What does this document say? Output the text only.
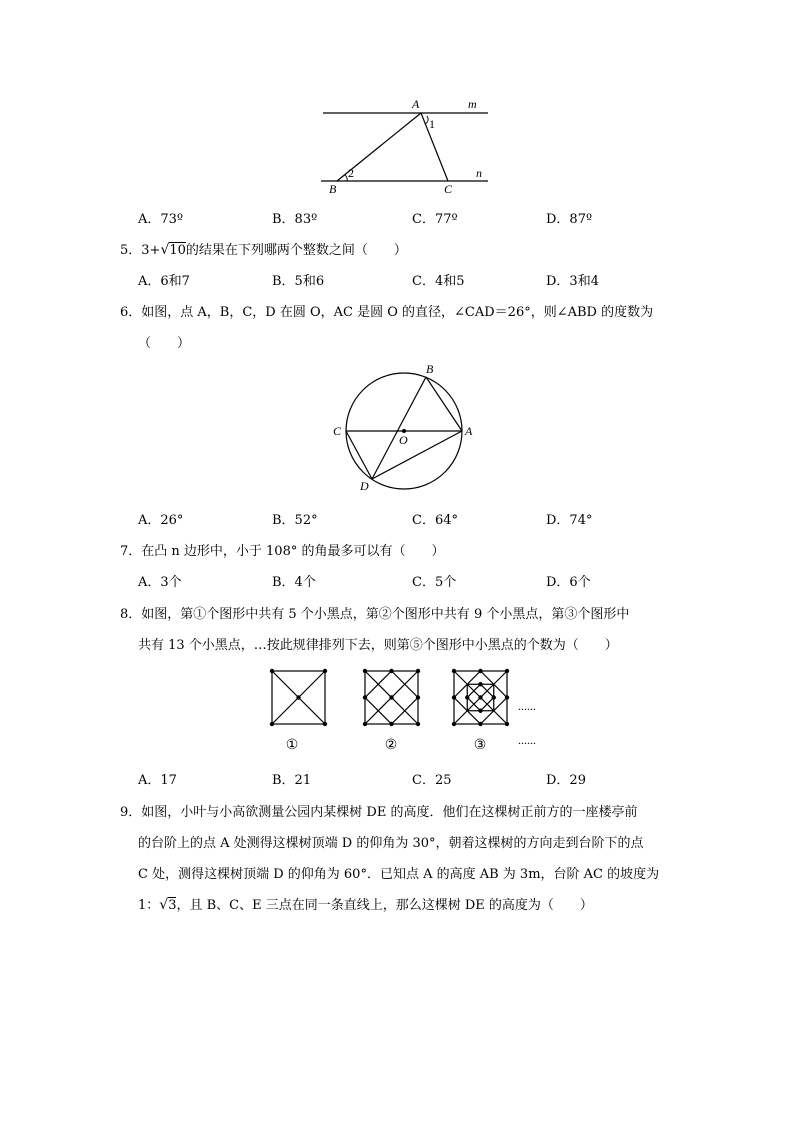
A	m
1
2	n
B	C
A．73º	B．83º	C．77º	D．87º
5．3+√10的结果在下列哪两个整数之间（　　）
A．6和7	B．5和6	C．4和5	D．3和4
6．如图，点 A，B，C，D 在圆 O，AC 是圆 O 的直径，∠CAD＝26°，则∠ABD 的度数为
（　　）
B
C
O
A
D
A．26°	B．52°	C．64°	D．74°
7．在凸 n 边形中，小于 108° 的角最多可以有（　　）
A．3个	B．4个	C．5个	D．6个
8．如图，第①个图形中共有 5 个小黑点，第②个图形中共有 9 个小黑点，第③个图形中
共有 13 个小黑点，…按此规律排列下去，则第⑤个图形中小黑点的个数为（　　）
......
......
①	②	③
A．17	B．21	C．25	D．29
9．如图，小叶与小高欲测量公园内某棵树 DE 的高度．他们在这棵树正前方的一座楼亭前
的台阶上的点 A 处测得这棵树顶端 D 的仰角为 30°，朝着这棵树的方向走到台阶下的点
C 处，测得这棵树顶端 D 的仰角为 60°．已知点 A 的高度 AB 为 3m，台阶 AC 的坡度为
1：√3，且 B、C、E 三点在同一条直线上，那么这棵树 DE 的高度为（　　）
